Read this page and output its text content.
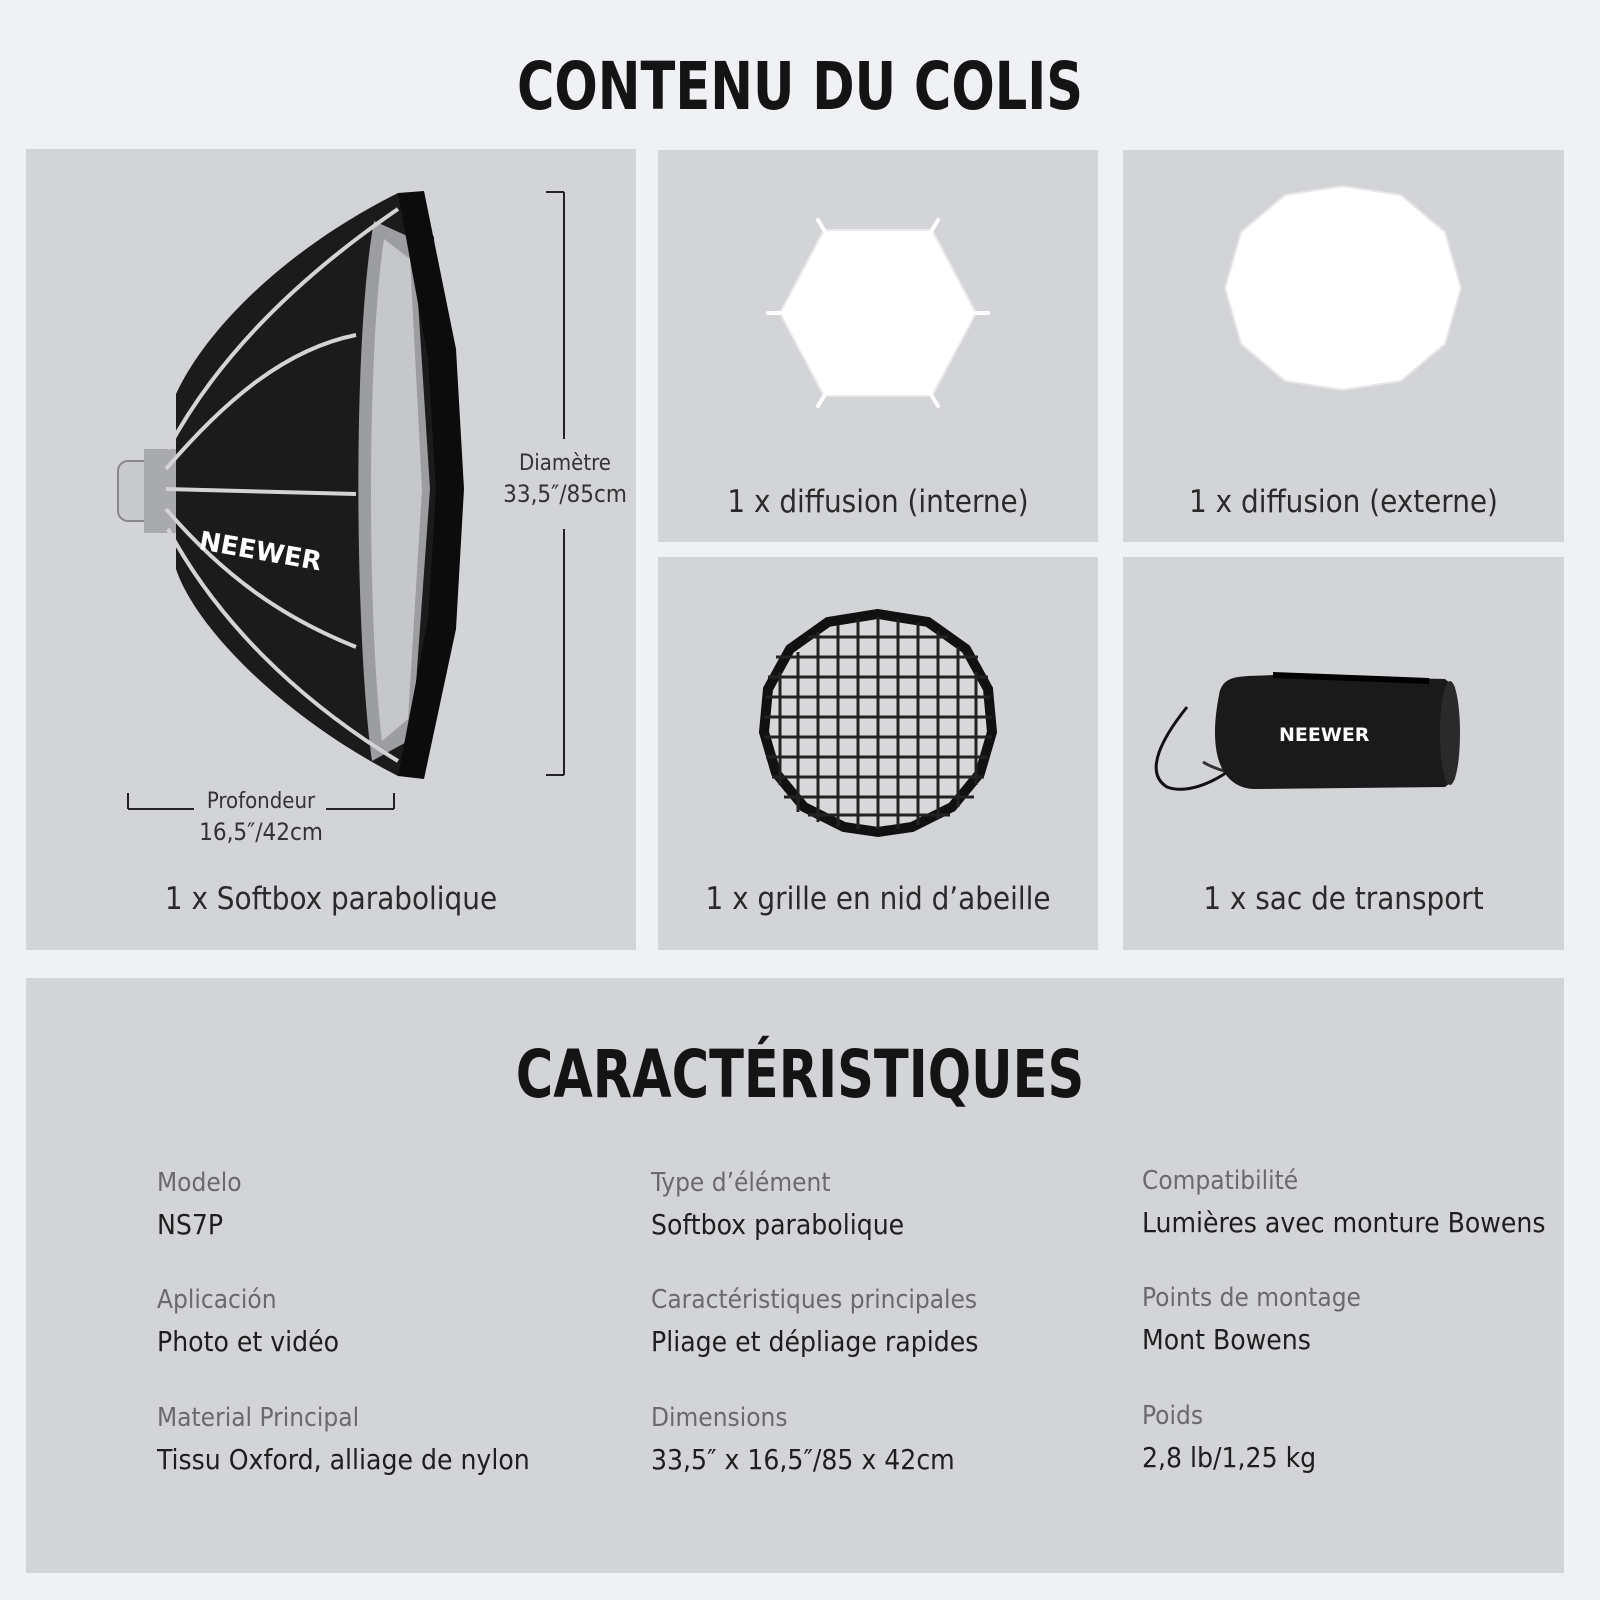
CONTENU DU COLIS
NEEWER
Diamètre
33,5″/85cm
Profondeur
16,5″/42cm
1 x Softbox parabolique
1 x diffusion (interne)	1 x diffusion (externe)
1 x grille en nid d’abeille
NEEWER
1 x sac de transport
CARACTÉRISTIQUES
Modelo
NS7P
Type d’élément
Softbox parabolique
Compatibilité
Lumières avec monture Bowens
Aplicación
Photo et vidéo
Caractéristiques principales
Pliage et dépliage rapides
Points de montage
Mont Bowens
Material Principal
Tissu Oxford, alliage de nylon
Dimensions
33,5″ x 16,5″/85 x 42cm
Poids
2,8 lb/1,25 kg
